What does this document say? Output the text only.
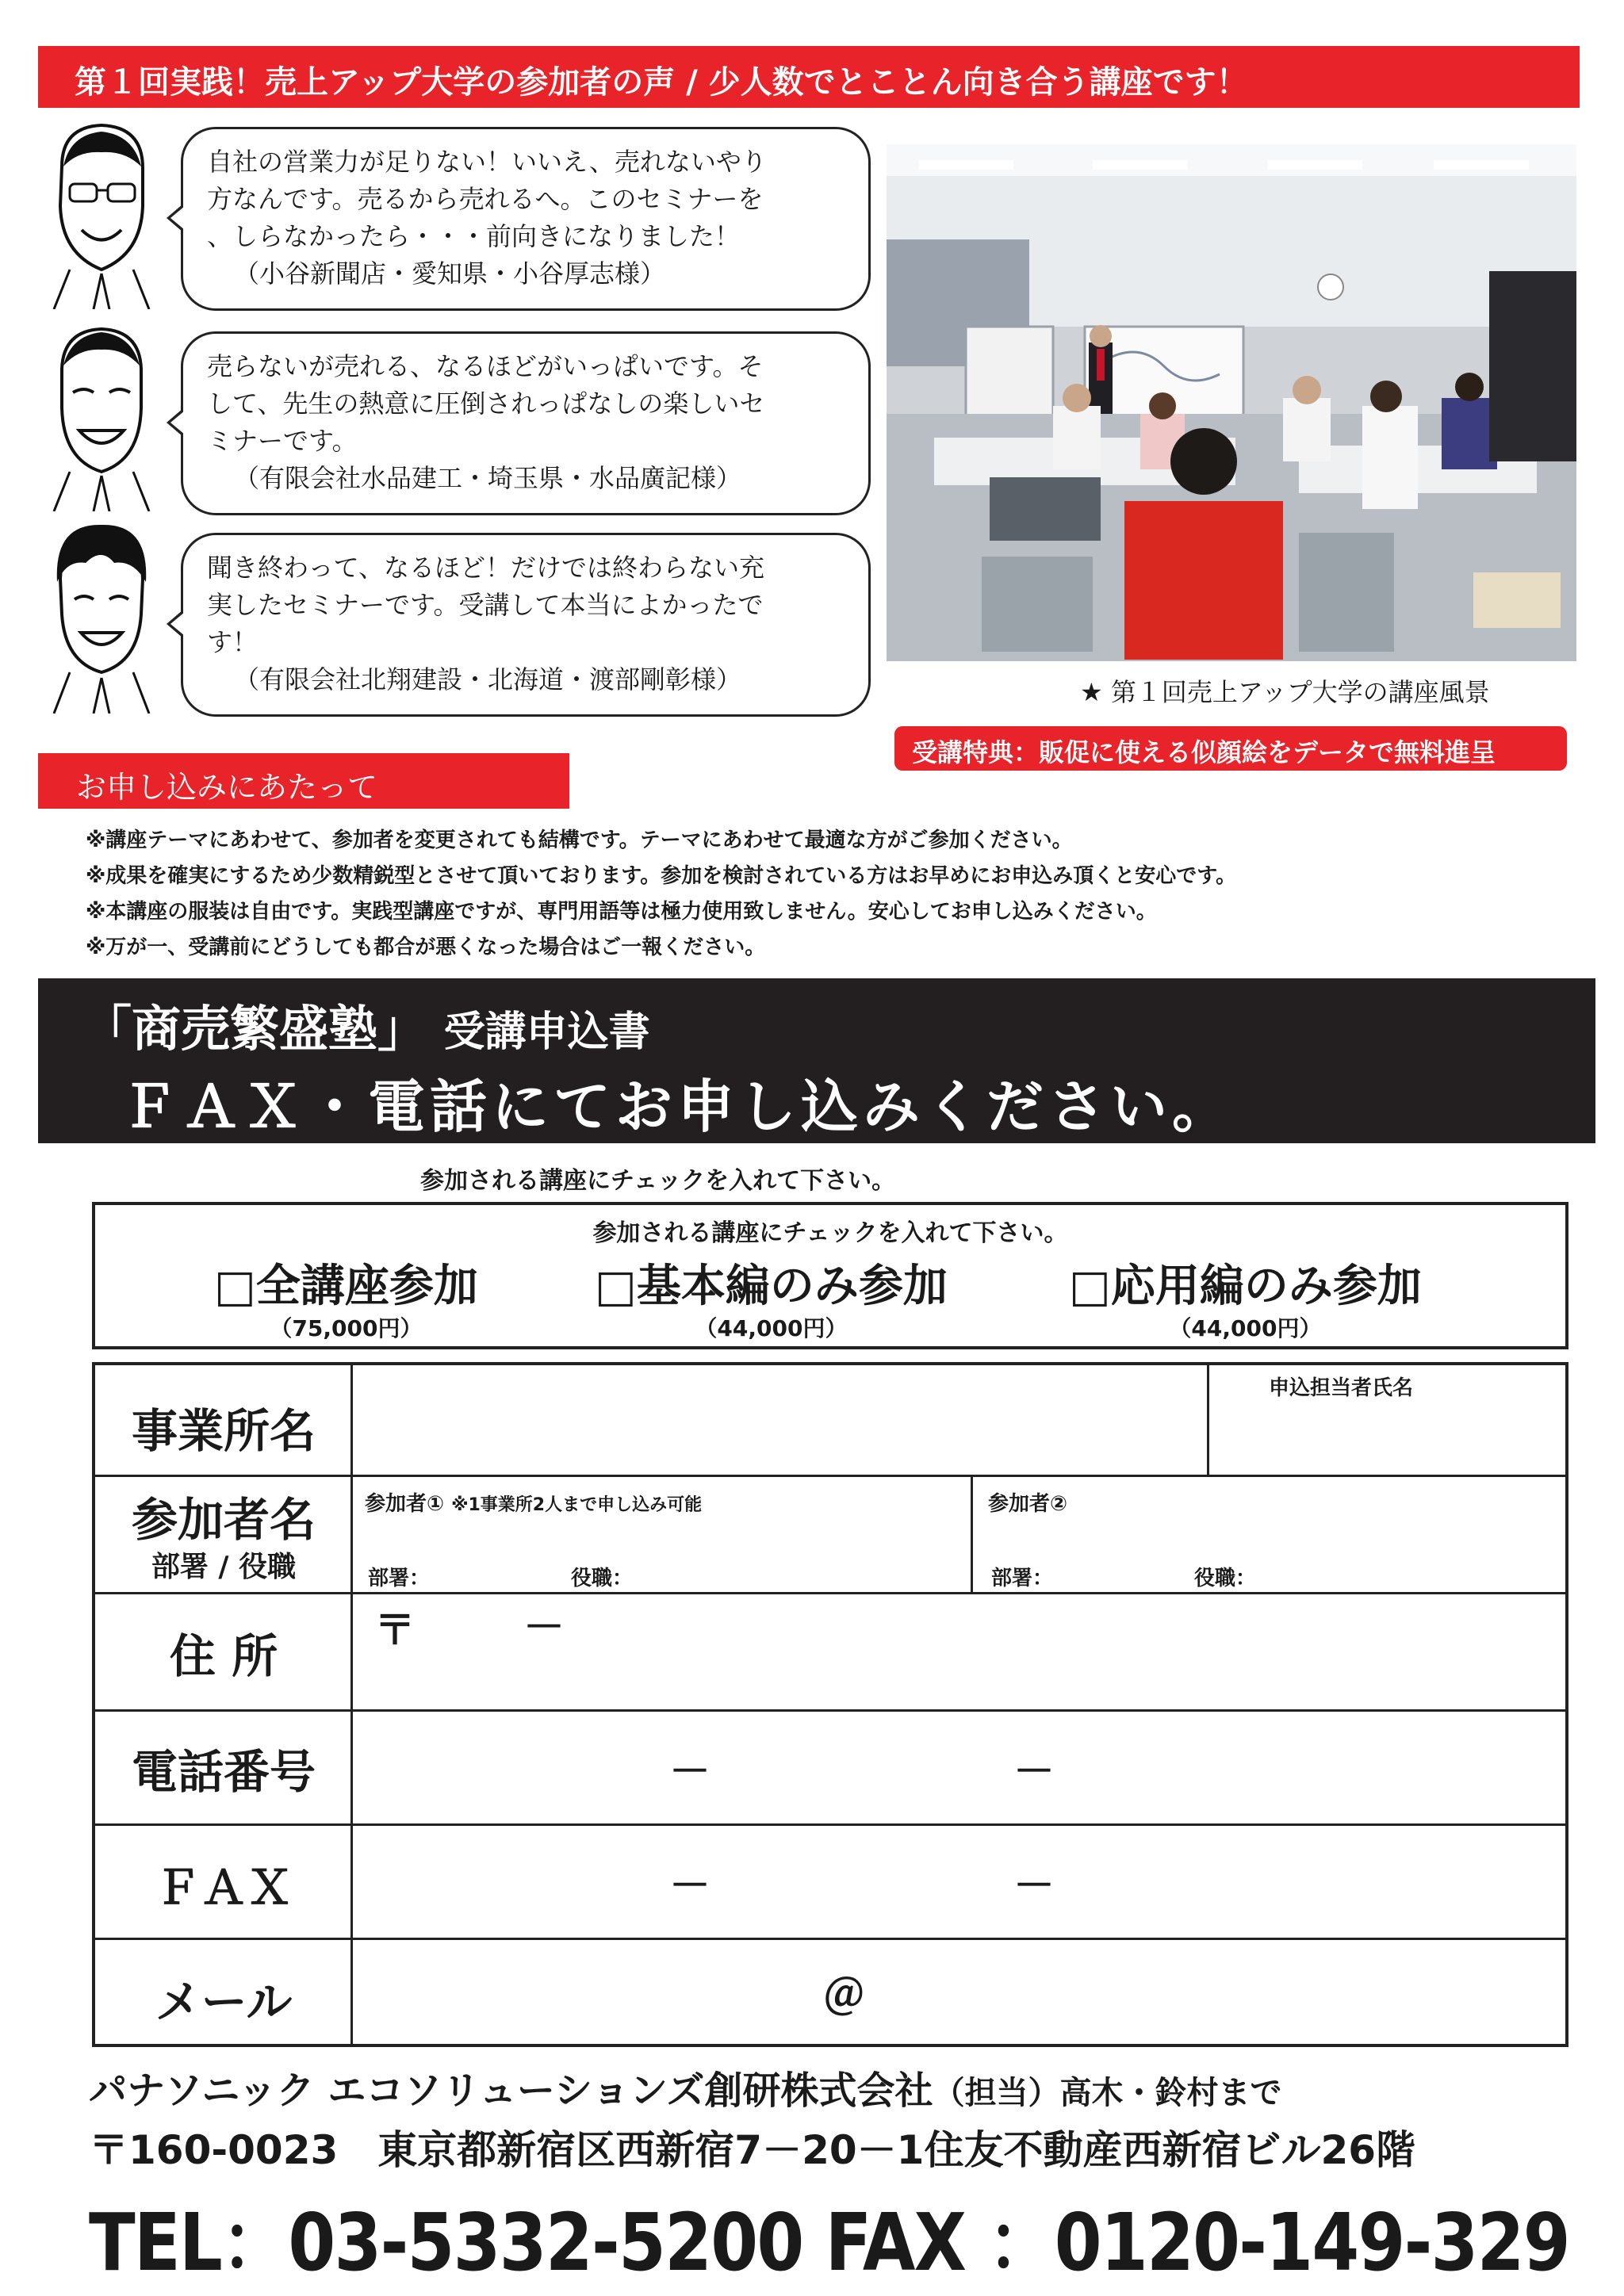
第１回実践！売上アップ大学の参加者の声 / 少人数でとことん向き合う講座です！
自社の営業力が足りない！いいえ、売れないやり
方なんです。売るから売れるへ。このセミナーを
、しらなかったら・・・前向きになりました！
（小谷新聞店・愛知県・小谷厚志様）
売らないが売れる、なるほどがいっぱいです。そ
して、先生の熱意に圧倒されっぱなしの楽しいセ
ミナーです。
（有限会社水品建工・埼玉県・水品廣記様）
聞き終わって、なるほど！だけでは終わらない充
実したセミナーです。受講して本当によかったで
す！
（有限会社北翔建設・北海道・渡部剛彰様）	★ 第１回売上アップ大学の講座風景
受講特典：販促に使える似顔絵をデータで無料進呈
お申し込みにあたって
※講座テーマにあわせて、参加者を変更されても結構です。テーマにあわせて最適な方がご参加ください。
※成果を確実にするため少数精鋭型とさせて頂いております。参加を検討されている方はお早めにお申込み頂くと安心です。
※本講座の服装は自由です。実践型講座ですが、専門用語等は極力使用致しません。安心してお申し込みください。
※万が一、受講前にどうしても都合が悪くなった場合はご一報ください。
「商売繁盛塾」 受講申込書
ＦＡＸ・電話にてお申し込みください。
参加される講座にチェックを入れて下さい。
参加される講座にチェックを入れて下さい。
□全講座参加
（75,000円）
□基本編のみ参加
（44,000円）
□応用編のみ参加
（44,000円）
事業所名
申込担当者氏名
参加者名
部署 / 役職
参加者① ※1事業所2人まで申し込み可能
部署：	役職：
参加者②
部署：	役職：
住 所	〒	－
電話番号	－	－
ＦＡＸ	－	－
メール	＠
パナソニック エコソリューションズ創研株式会社（担当）高木・鈴村まで
〒160-0023　東京都新宿区西新宿7－20－1住友不動産西新宿ビル26階
TEL：03-5332-5200 FAX ：0120-149-329
